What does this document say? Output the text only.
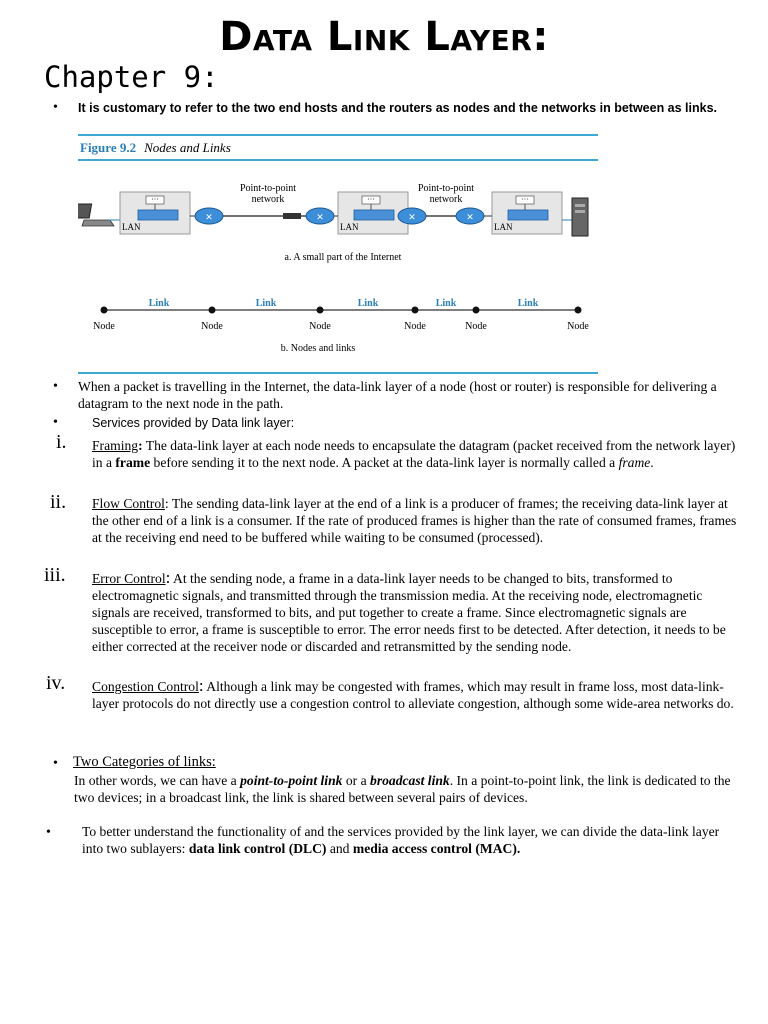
Data Link Layer:
Chapter 9:
• It is customary to refer to the two end hosts and the routers as nodes and the networks in between as links.
Figure 9.2 Nodes and Links
···
LAN
✕
Point-to-point
network
✕
···
LAN
✕
Point-to-point
network
✕
···
LAN
a. A small part of the Internet
Link	Link	Link	Link	Link
Node	Node	Node	Node	Node	Node
b. Nodes and links
• When a packet is travelling in the Internet, the data-link layer of a node (host or router) is responsible for delivering a datagram to the next node in the path.
•	Services provided by Data link layer:
i. Framing: The data-link layer at each node needs to encapsulate the datagram (packet received from the network layer) in a frame before sending it to the next node. A packet at the data-link layer is normally called a frame.
ii. Flow Control: The sending data-link layer at the end of a link is a producer of frames; the receiving data-link layer at the other end of a link is a consumer. If the rate of produced frames is higher than the rate of consumed frames, frames at the receiving end need to be buffered while waiting to be consumed (processed).
iii. Error Control: At the sending node, a frame in a data-link layer needs to be changed to bits, transformed to electromagnetic signals, and transmitted through the transmission media. At the receiving node, electromagnetic signals are received, transformed to bits, and put together to create a frame. Since electromagnetic signals are susceptible to error, a frame is susceptible to error. The error needs first to be detected. After detection, it needs to be either corrected at the receiver node or discarded and retransmitted by the sending node.
iv. Congestion Control: Although a link may be congested with frames, which may result in frame loss, most data-link-layer protocols do not directly use a congestion control to alleviate congestion, although some wide-area networks do.
• Two Categories of links:
In other words, we can have a point-to-point link or a broadcast link. In a point-to-point link, the link is dedicated to the two devices; in a broadcast link, the link is shared between several pairs of devices.
• To better understand the functionality of and the services provided by the link layer, we can divide the data-link layer into two sublayers: data link control (DLC) and media access control (MAC).
